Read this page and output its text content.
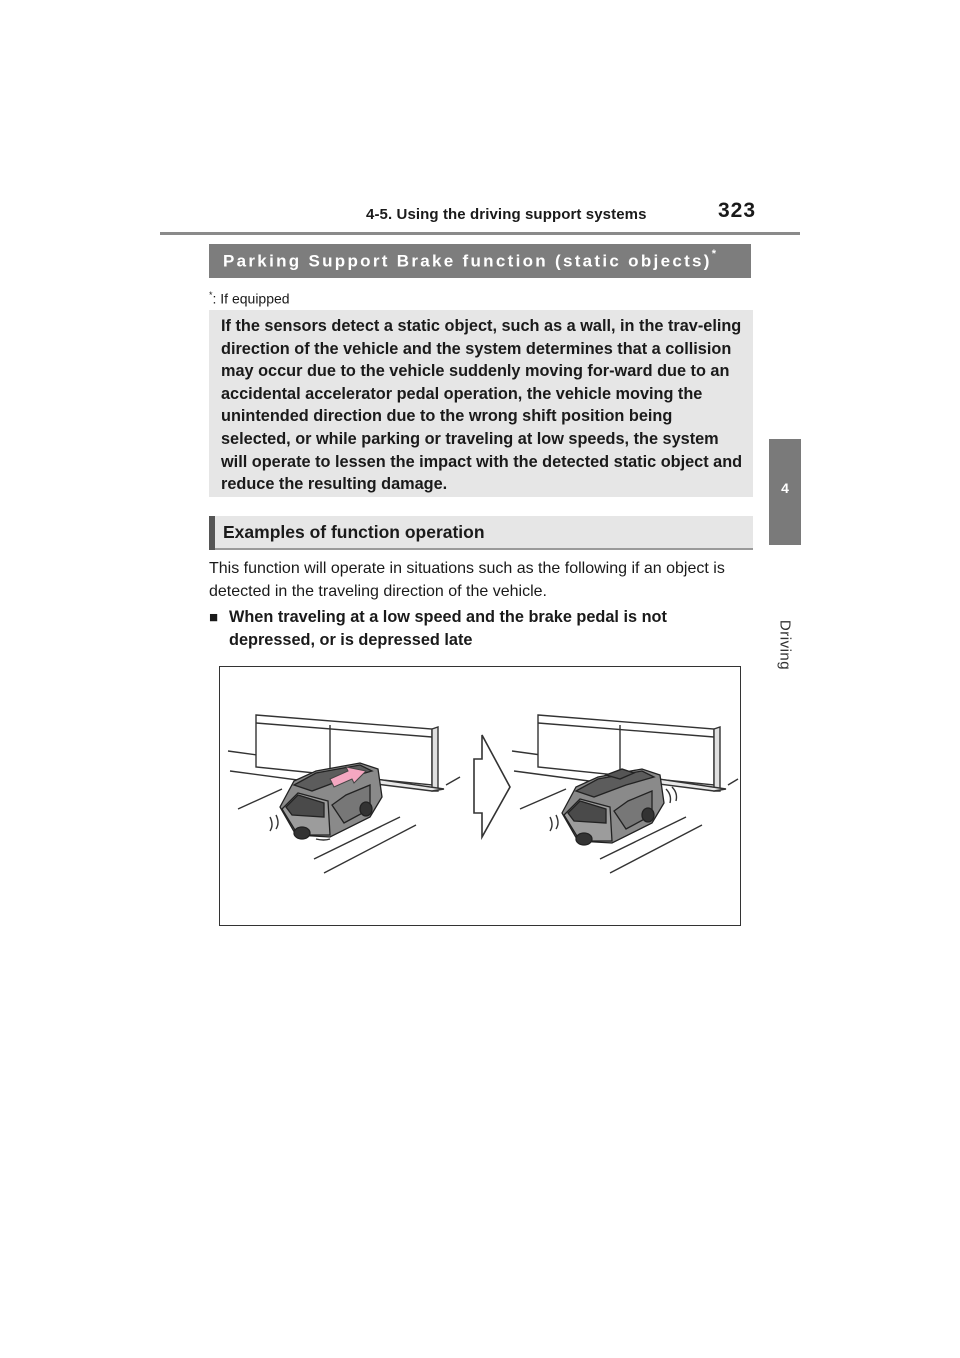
4-5. Using the driving support systems	323
4
Driving
Parking Support Brake function (static objects)*
*: If equipped

If the sensors detect a static object, such as a wall, in the trav-eling direction of the vehicle and the system determines that a collision may occur due to the vehicle suddenly moving for-ward due to an accidental accelerator pedal operation, the vehicle moving the unintended direction due to the wrong shift position being selected, or while parking or traveling at low speeds, the system will operate to lessen the impact with the detected static object and reduce the resulting damage.

Examples of function operation

This function will operate in situations such as the following if an object is detected in the traveling direction of the vehicle.

■ When traveling at a low speed and the brake pedal is not depressed, or is depressed late
